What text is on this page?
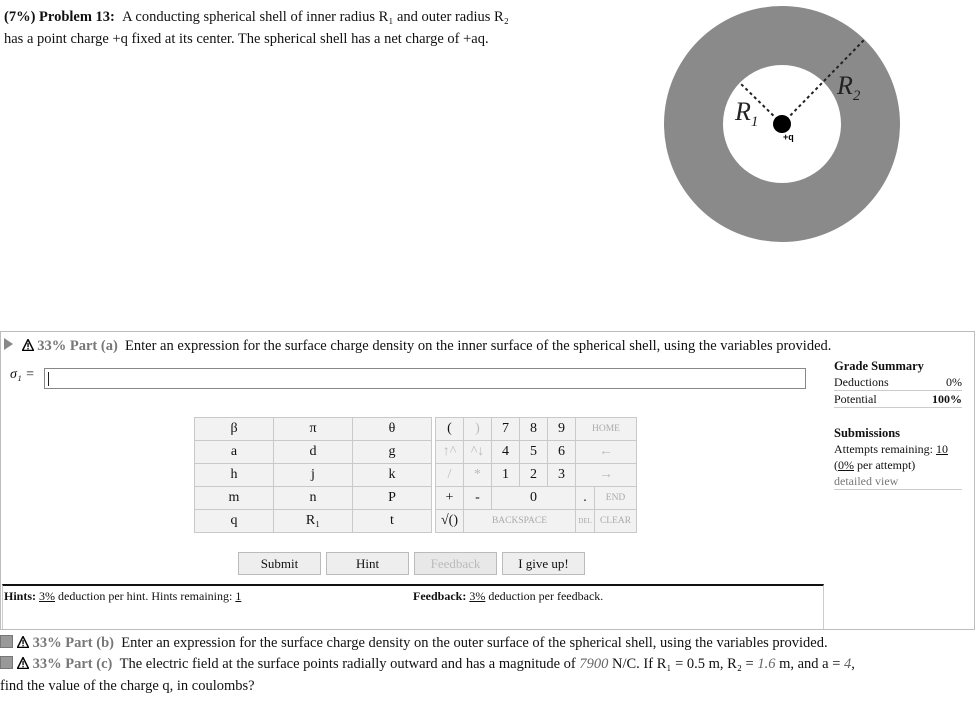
(7%) Problem 13: A conducting spherical shell of inner radius R₁ and outer radius R₂
has a point charge +q fixed at its center. The spherical shell has a net charge of +aq.
$R_1$
$R_2$
+q
©theexpertta.com
33% Part (a) Enter an expression for the surface charge density on the inner surface of the spherical shell, using the variables provided.
σ₁ =
β	π	θ
a	d	g
h	j	k
m	n	P
q	R₁	t
(	)	7	8	9	HOME	
↑^	^↓	4	5	6	←	
/	*	1	2	3	→	
+	-	0			.	END
√()	BACKSPACE				DEL	CLEAR
Submit	Hint	Feedback	I give up!
Hints: 3% deduction per hint. Hints remaining: 1	Feedback: 3% deduction per feedback.
Grade Summary
Deductions	0%
Potential	100%
Submissions
Attempts remaining: 10
(0% per attempt)
detailed view
33% Part (b) Enter an expression for the surface charge density on the outer surface of the spherical shell, using the variables provided.
33% Part (c) The electric field at the surface points radially outward and has a magnitude of 7900 N/C. If R₁ = 0.5 m, R₂ = 1.6 m, and a = 4,
find the value of the charge q, in coulombs?
